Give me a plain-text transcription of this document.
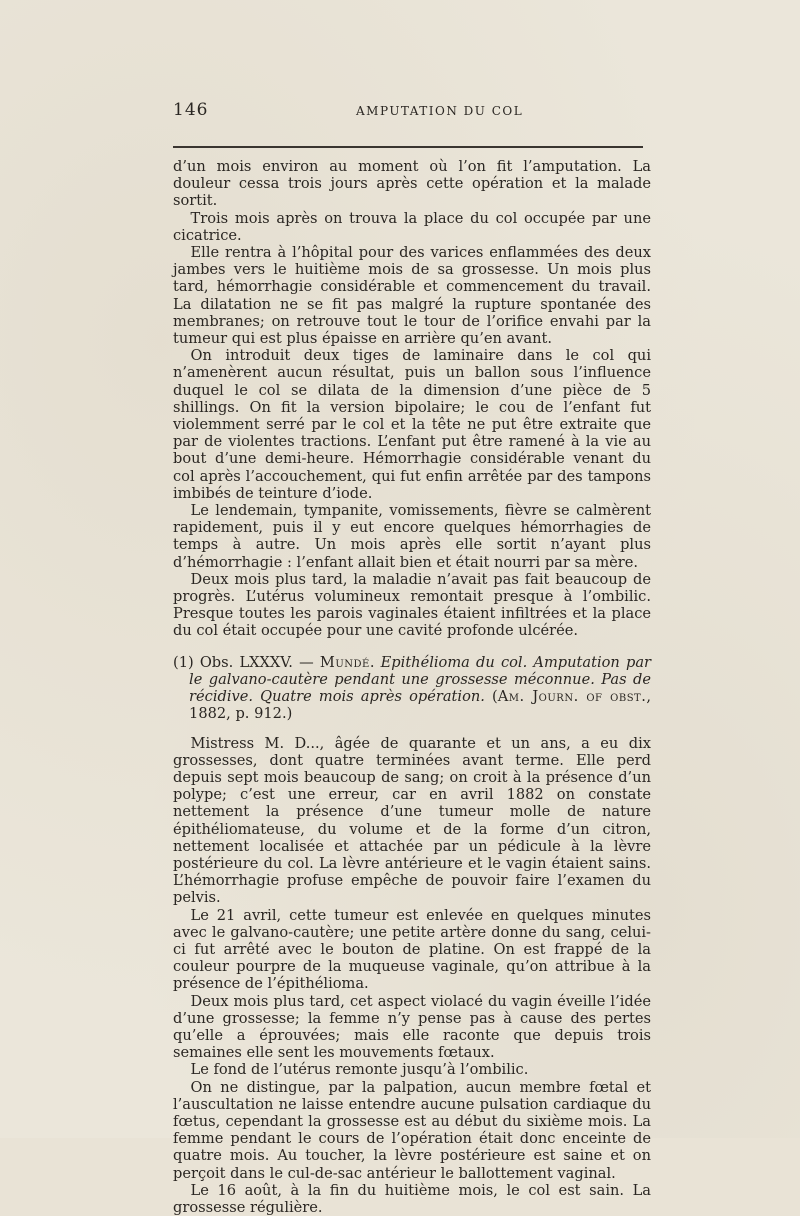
146	AMPUTATION DU COL

d’un mois environ au moment où l’on fit l’amputation. La douleur cessa trois jours après cette opération et la malade sortit.

Trois mois après on trouva la place du col occupée par une cicatrice.

Elle rentra à l’hôpital pour des varices enflammées des deux jambes vers le huitième mois de sa grossesse. Un mois plus tard, hémorrhagie considérable et commencement du travail. La dilatation ne se fit pas malgré la rupture spontanée des membranes; on retrouve tout le tour de l’orifice envahi par la tumeur qui est plus épaisse en arrière qu’en avant.

On introduit deux tiges de laminaire dans le col qui n’amenèrent aucun résultat, puis un ballon sous l’influence duquel le col se dilata de la dimension d’une pièce de 5 shillings. On fit la version bipolaire; le cou de l’enfant fut violemment serré par le col et la tête ne put être extraite que par de violentes tractions. L’enfant put être ramené à la vie au bout d’une demi-heure. Hémorrhagie considérable venant du col après l’accouchement, qui fut enfin arrêtée par des tampons imbibés de teinture d’iode.

Le lendemain, tympanite, vomissements, fièvre se calmèrent rapidement, puis il y eut encore quelques hémorrhagies de temps à autre. Un mois après elle sortit n’ayant plus d’hémorrhagie : l’enfant allait bien et était nourri par sa mère.

Deux mois plus tard, la maladie n’avait pas fait beaucoup de progrès. L’utérus volumineux remontait presque à l’ombilic. Presque toutes les parois vaginales étaient infiltrées et la place du col était occupée pour une cavité profonde ulcérée.

(1) Obs. LXXXV. — Mundé. Epithélioma du col. Amputation par le galvano-cautère pendant une grossesse méconnue. Pas de récidive. Quatre mois après opération. (Am. Journ. of obst., 1882, p. 912.)

Mistress M. D..., âgée de quarante et un ans, a eu dix grossesses, dont quatre terminées avant terme. Elle perd depuis sept mois beaucoup de sang; on croit à la présence d’un polype; c’est une erreur, car en avril 1882 on constate nettement la présence d’une tumeur molle de nature épithéliomateuse, du volume et de la forme d’un citron, nettement localisée et attachée par un pédicule à la lèvre postérieure du col. La lèvre antérieure et le vagin étaient sains. L’hémorrhagie profuse empêche de pouvoir faire l’examen du pelvis.

Le 21 avril, cette tumeur est enlevée en quelques minutes avec le galvano-cautère; une petite artère donne du sang, celui-ci fut arrêté avec le bouton de platine. On est frappé de la couleur pourpre de la muqueuse vaginale, qu’on attribue à la présence de l’épithélioma.

Deux mois plus tard, cet aspect violacé du vagin éveille l’idée d’une grossesse; la femme n’y pense pas à cause des pertes qu’elle a éprouvées; mais elle raconte que depuis trois semaines elle sent les mouvements fœtaux.

Le fond de l’utérus remonte jusqu’à l’ombilic.

On ne distingue, par la palpation, aucun membre fœtal et l’auscultation ne laisse entendre aucune pulsation cardiaque du fœtus, cependant la grossesse est au début du sixième mois. La femme pendant le cours de l’opération était donc enceinte de quatre mois. Au toucher, la lèvre postérieure est saine et on perçoit dans le cul-de-sac antérieur le ballottement vaginal.

Le 16 août, à la fin du huitième mois, le col est sain. La grossesse régulière.
